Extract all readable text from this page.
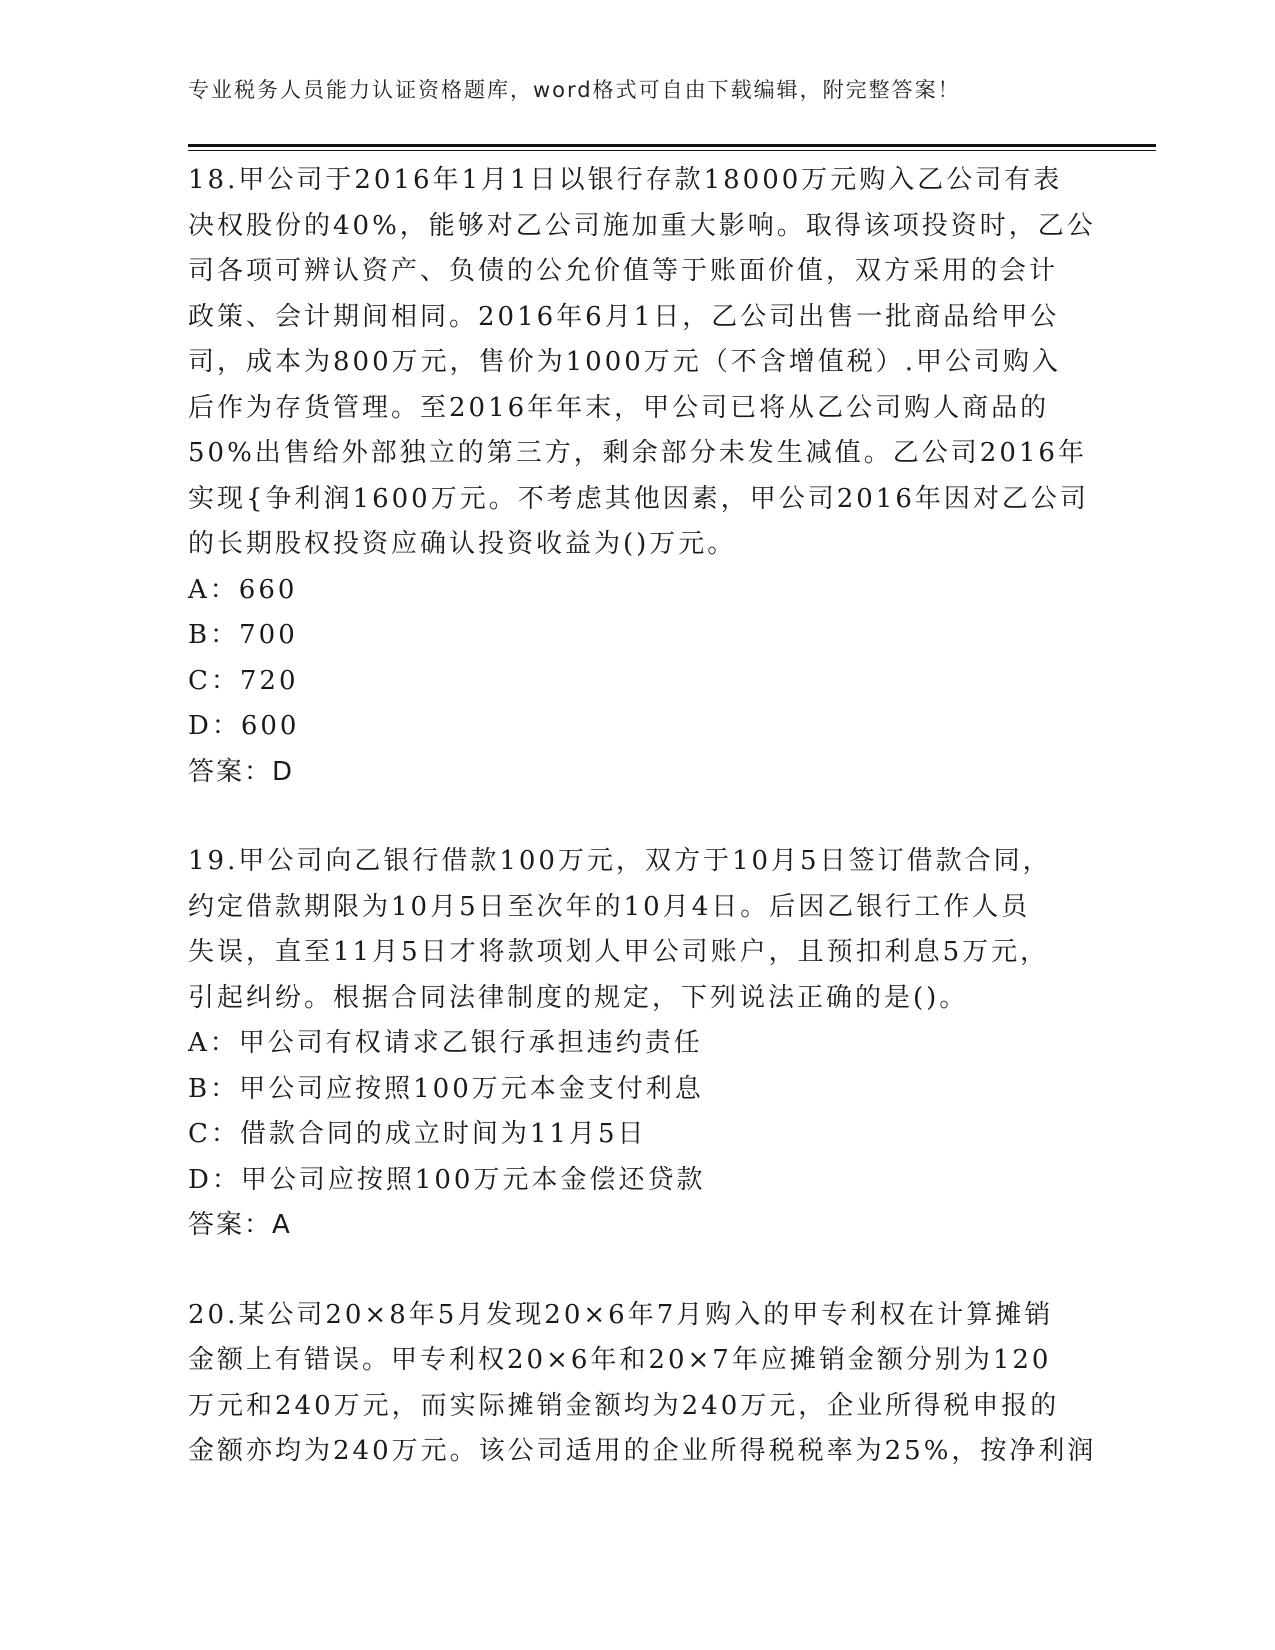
专业税务人员能力认证资格题库，word格式可自由下载编辑，附完整答案！
18.甲公司于2016年1月1日以银行存款18000万元购入乙公司有表
决权股份的40%，能够对乙公司施加重大影响。取得该项投资时，乙公
司各项可辨认资产、负债的公允价值等于账面价值，双方采用的会计
政策、会计期间相同。2016年6月1日，乙公司出售一批商品给甲公
司，成本为800万元，售价为1000万元（不含增值税）.甲公司购入
后作为存货管理。至2016年年末，甲公司已将从乙公司购人商品的
50%出售给外部独立的第三方，剩余部分未发生减值。乙公司2016年
实现{争利润1600万元。不考虑其他因素，甲公司2016年因对乙公司
的长期股权投资应确认投资收益为()万元。
A：660
B：700
C：720
D：600
答案：D
19.甲公司向乙银行借款100万元，双方于10月5日签订借款合同，
约定借款期限为10月5日至次年的10月4日。后因乙银行工作人员
失误，直至11月5日才将款项划人甲公司账户，且预扣利息5万元，
引起纠纷。根据合同法律制度的规定，下列说法正确的是()。
A：甲公司有权请求乙银行承担违约责任
B：甲公司应按照100万元本金支付利息
C：借款合同的成立时间为11月5日
D：甲公司应按照100万元本金偿还贷款
答案：A
20.某公司20×8年5月发现20×6年7月购入的甲专利权在计算摊销
金额上有错误。甲专利权20×6年和20×7年应摊销金额分别为120
万元和240万元，而实际摊销金额均为240万元，企业所得税申报的
金额亦均为240万元。该公司适用的企业所得税税率为25%，按净利润
